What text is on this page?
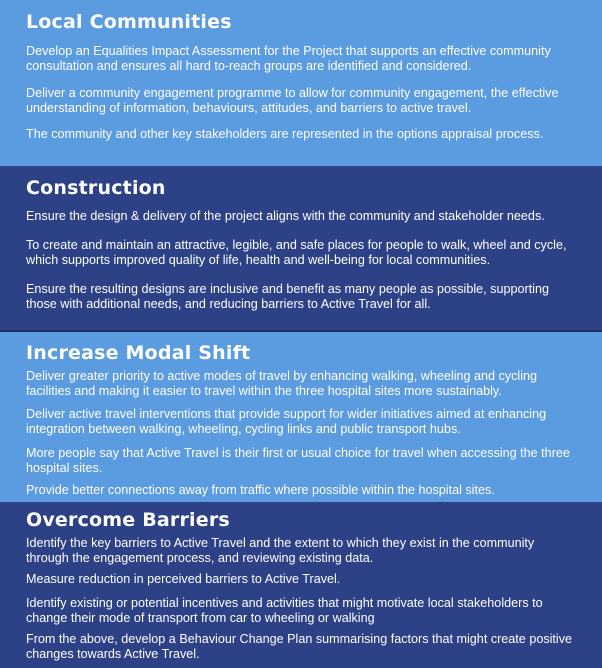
Local Communities

Develop an Equalities Impact Assessment for the Project that supports an effective community consultation and ensures all hard to-reach groups are identified and considered.

Deliver a community engagement programme to allow for community engagement, the effective understanding of information, behaviours, attitudes, and barriers to active travel.

The community and other key stakeholders are represented in the options appraisal process.

Construction

Ensure the design & delivery of the project aligns with the community and stakeholder needs.

To create and maintain an attractive, legible, and safe places for people to walk, wheel and cycle, which supports improved quality of life, health and well-being for local communities.

Ensure the resulting designs are inclusive and benefit as many people as possible, supporting those with additional needs, and reducing barriers to Active Travel for all.

Increase Modal Shift

Deliver greater priority to active modes of travel by enhancing walking, wheeling and cycling facilities and making it easier to travel within the three hospital sites more sustainably.

Deliver active travel interventions that provide support for wider initiatives aimed at enhancing integration between walking, wheeling, cycling links and public transport hubs.

More people say that Active Travel is their first or usual choice for travel when accessing the three hospital sites.

Provide better connections away from traffic where possible within the hospital sites.

Overcome Barriers

Identify the key barriers to Active Travel and the extent to which they exist in the community through the engagement process, and reviewing existing data.

Measure reduction in perceived barriers to Active Travel.

Identify existing or potential incentives and activities that might motivate local stakeholders to change their mode of transport from car to wheeling or walking

From the above, develop a Behaviour Change Plan summarising factors that might create positive changes towards Active Travel.
